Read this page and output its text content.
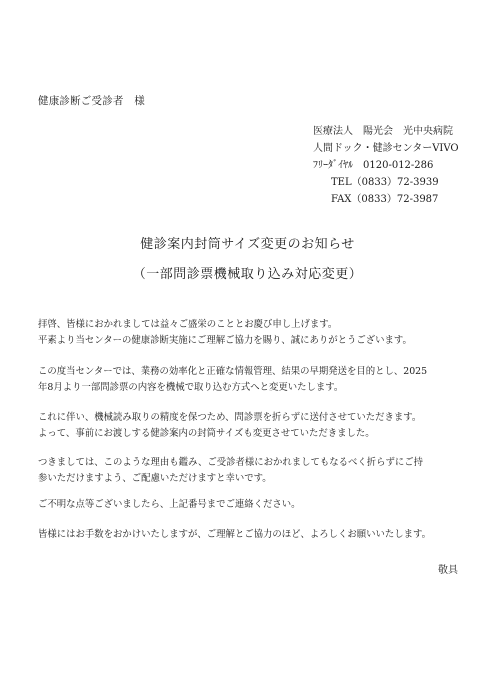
健康診断ご受診者　様
医療法人　陽光会　光中央病院
人間ドック・健診センターVIVO
ﾌﾘｰﾀﾞｲﾔﾙ　0120-012-286
TEL（0833）72-3939
FAX（0833）72-3987
健診案内封筒サイズ変更のお知らせ
（一部問診票機械取り込み対応変更）
拝啓、皆様におかれましては益々ご盛栄のこととお慶び申し上げます。
平素より当センターの健康診断実施にご理解ご協力を賜り、誠にありがとうございます。
この度当センターでは、業務の効率化と正確な情報管理、結果の早期発送を目的とし、2025
年8月より一部問診票の内容を機械で取り込む方式へと変更いたします。
これに伴い、機械読み取りの精度を保つため、問診票を折らずに送付させていただきます。
よって、事前にお渡しする健診案内の封筒サイズも変更させていただきました。
つきましては、このような理由も鑑み、ご受診者様におかれましてもなるべく折らずにご持
参いただけますよう、ご配慮いただけますと幸いです。
ご不明な点等ございましたら、上記番号までご連絡ください。
皆様にはお手数をおかけいたしますが、ご理解とご協力のほど、よろしくお願いいたします。
敬具
